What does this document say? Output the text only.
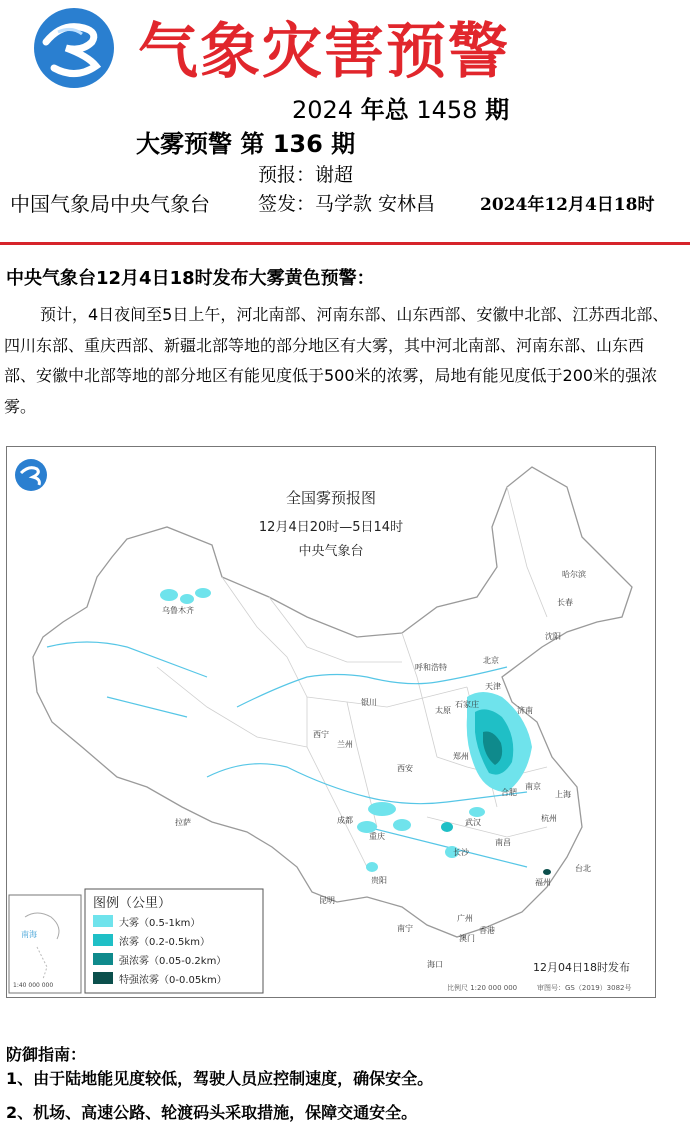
气象灾害预警
2024 年总 1458 期
大雾预警 第 136 期
预报：谢超
中国气象局中央气象台	签发：马学款 安林昌	2024年12月4日18时
中央气象台12月4日18时发布大雾黄色预警：
预计，4日夜间至5日上午，河北南部、河南东部、山东西部、安徽中北部、江苏西北部、四川东部、重庆西部、新疆北部等地的部分地区有大雾，其中河北南部、河南东部、山东西部、安徽中北部等地的部分地区有能见度低于500米的浓雾，局地有能见度低于200米的强浓雾。
全国雾预报图
12月4日20时—5日14时
中央气象台
乌鲁木齐
哈尔滨
长春
沈阳
呼和浩特
北京
天津
银川
太原
石家庄
济南
西宁
兰州
郑州
西安
南京
合肥	上海
杭州
武汉
成都
重庆
拉萨
长沙
南昌
福州
台北
贵阳
昆明
南宁
广州
香港
澳门
海口
南海
1:40 000 000
图例（公里）
大雾（0.5-1km）
浓雾（0.2-0.5km）
强浓雾（0.05-0.2km）
特强浓雾（0-0.05km）
12月04日18时发布
比例尺 1:20 000 000	审图号：GS（2019）3082号
防御指南：
1、由于陆地能见度较低，驾驶人员应控制速度，确保安全。
2、机场、高速公路、轮渡码头采取措施，保障交通安全。
